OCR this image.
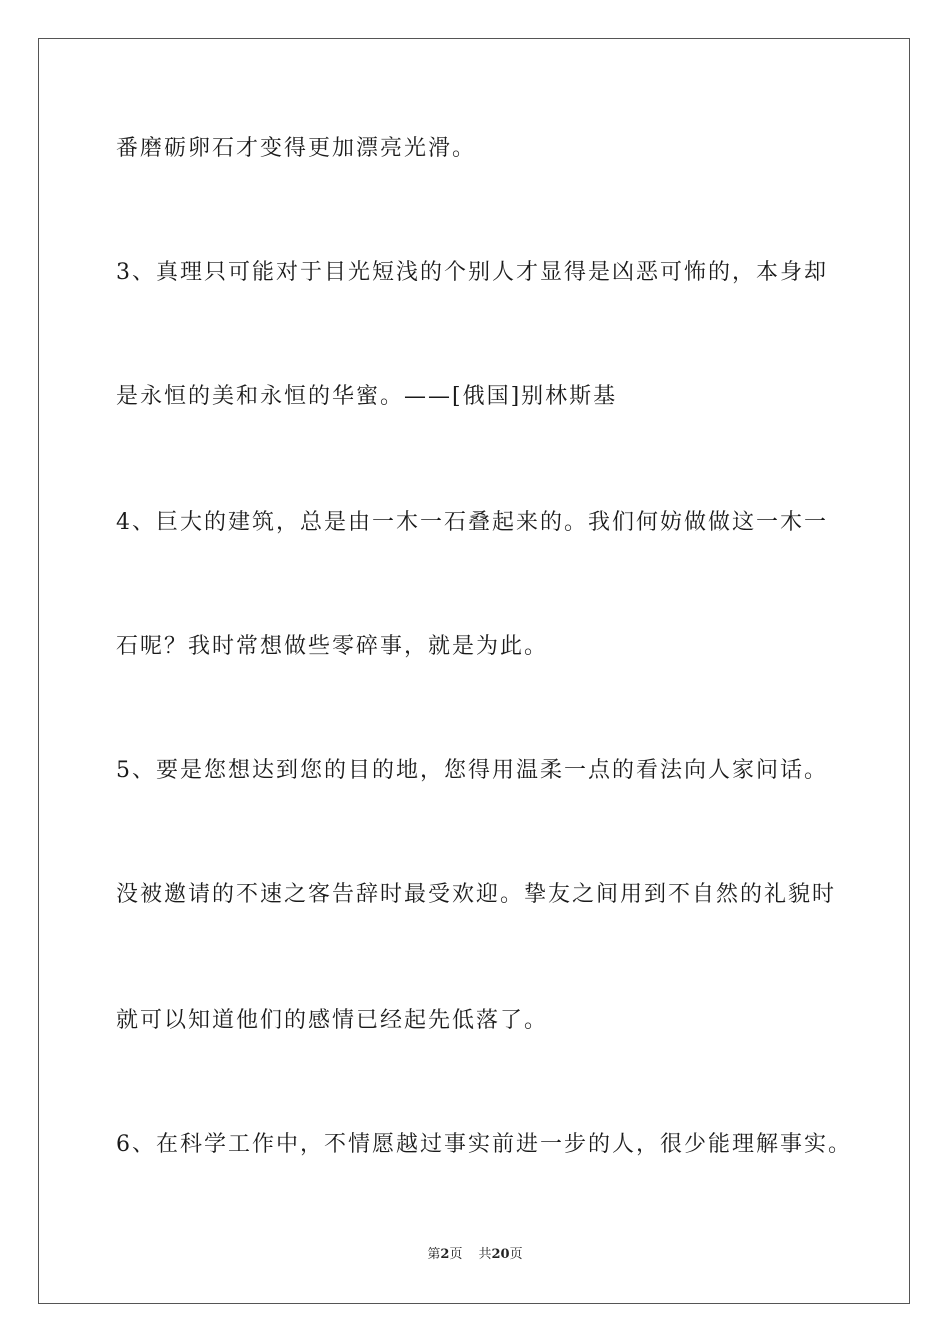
番磨砺卵石才变得更加漂亮光滑。
3、真理只可能对于目光短浅的个别人才显得是凶恶可怖的，本身却
是永恒的美和永恒的华蜜。——[俄国]别林斯基
4、巨大的建筑，总是由一木一石叠起来的。我们何妨做做这一木一
石呢？我时常想做些零碎事，就是为此。
5、要是您想达到您的目的地，您得用温柔一点的看法向人家问话。
没被邀请的不速之客告辞时最受欢迎。挚友之间用到不自然的礼貌时
就可以知道他们的感情已经起先低落了。
6、在科学工作中，不情愿越过事实前进一步的人，很少能理解事实。
第2页 共20页
